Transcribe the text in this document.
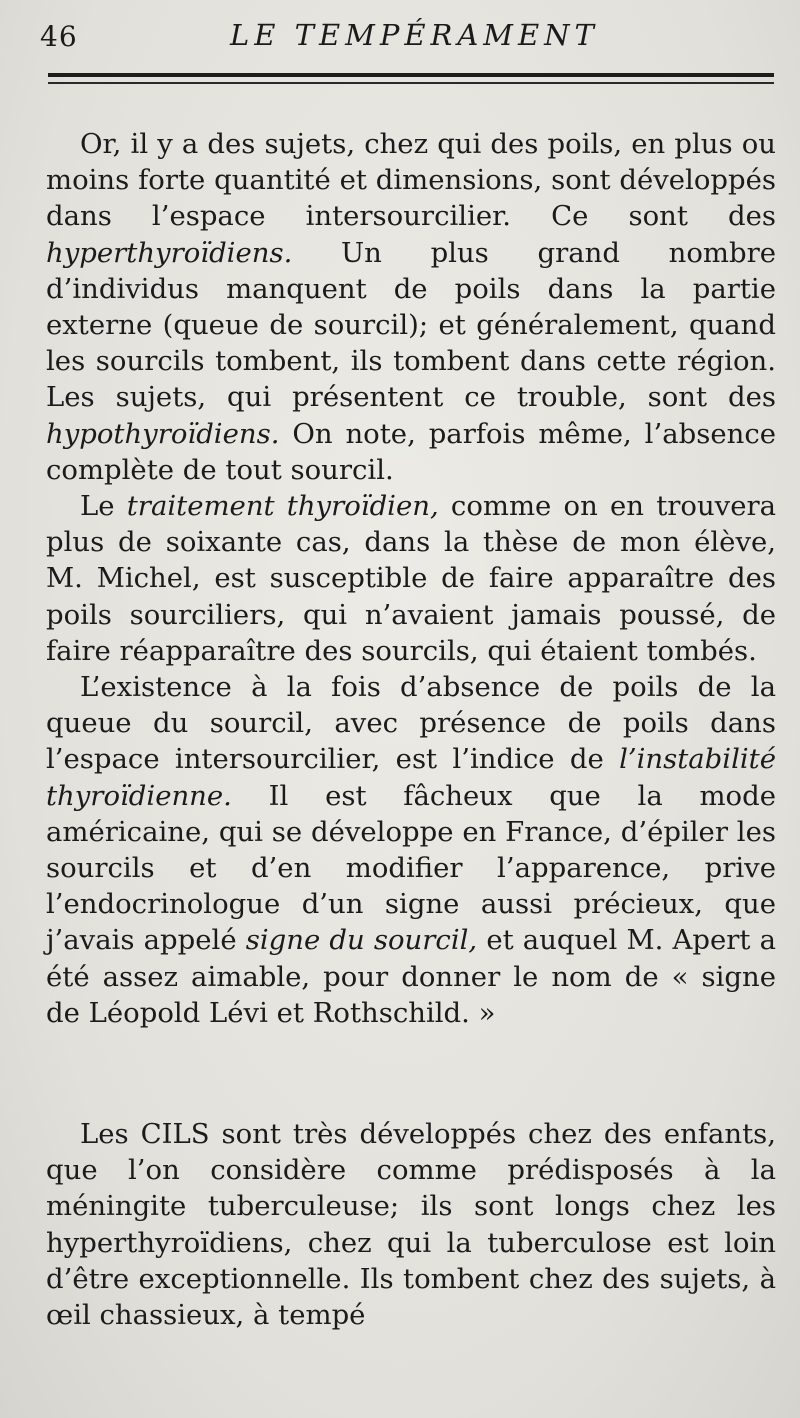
46	LE TEMPÉRAMENT

Or, il y a des sujets, chez qui des poils, en plus ou moins forte quantité et dimensions, sont développés dans l’espace intersourcilier. Ce sont des hyperthyroïdiens. Un plus grand nombre d’individus manquent de poils dans la partie externe (queue de sourcil); et généralement, quand les sourcils tombent, ils tombent dans cette région. Les sujets, qui présentent ce trouble, sont des hypothyroïdiens. On note, parfois même, l’absence complète de tout sourcil.

Le traitement thyroïdien, comme on en trouvera plus de soixante cas, dans la thèse de mon élève, M. Michel, est susceptible de faire apparaître des poils sourciliers, qui n’avaient jamais poussé, de faire réapparaître des sourcils, qui étaient tombés.

L’existence à la fois d’absence de poils de la queue du sourcil, avec présence de poils dans l’espace intersourcilier, est l’indice de l’instabilité thyroïdienne. Il est fâcheux que la mode américaine, qui se développe en France, d’épiler les sourcils et d’en modifier l’apparence, prive l’endocrinologue d’un signe aussi précieux, que j’avais appelé signe du sourcil, et auquel M. Apert a été assez aimable, pour donner le nom de « signe de Léopold Lévi et Rothschild. »

Les CILS sont très développés chez des enfants, que l’on considère comme prédisposés à la méningite tuberculeuse; ils sont longs chez les hyperthyroïdiens, chez qui la tuberculose est loin d’être exceptionnelle. Ils tombent chez des sujets, à œil chassieux, à tempé
